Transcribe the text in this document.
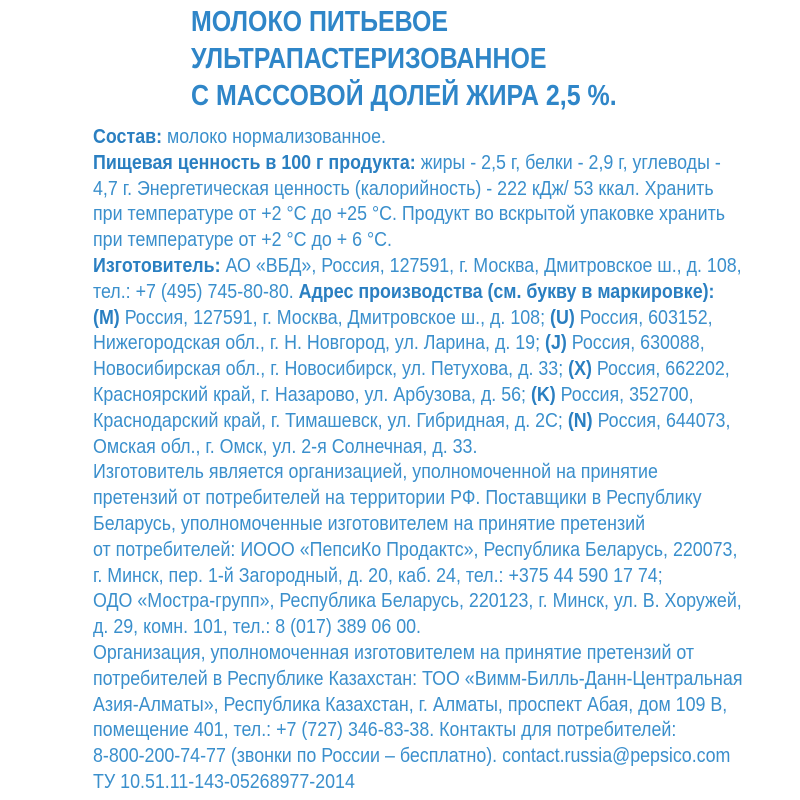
МОЛОКО ПИТЬЕВОЕ
УЛЬТРАПАСТЕРИЗОВАННОЕ
С МАССОВОЙ ДОЛЕЙ ЖИРА 2,5 %.
Состав: молоко нормализованное.
Пищевая ценность в 100 г продукта: жиры - 2,5 г, белки - 2,9 г, углеводы -
4,7 г. Энергетическая ценность (калорийность) - 222 кДж/ 53 ккал. Хранить
при температуре от +2 °С до +25 °С. Продукт во вскрытой упаковке хранить
при температуре от +2 °С до + 6 °С.
Изготовитель: АО «ВБД», Россия, 127591, г. Москва, Дмитровское ш., д. 108,
тел.: +7 (495) 745-80-80. Адрес производства (см. букву в маркировке):
(М) Россия, 127591, г. Москва, Дмитровское ш., д. 108; (U) Россия, 603152,
Нижегородская обл., г. Н. Новгород, ул. Ларина, д. 19; (J) Россия, 630088,
Новосибирская обл., г. Новосибирск, ул. Петухова, д. 33; (X) Россия, 662202,
Красноярский край, г. Назарово, ул. Арбузова, д. 56; (K) Россия, 352700,
Краснодарский край, г. Тимашевск, ул. Гибридная, д. 2С; (N) Россия, 644073,
Омская обл., г. Омск, ул. 2-я Солнечная, д. 33.
Изготовитель является организацией, уполномоченной на принятие
претензий от потребителей на территории РФ. Поставщики в Республику
Беларусь, уполномоченные изготовителем на принятие претензий
от потребителей: ИООО «ПепсиКо Продактс», Республика Беларусь, 220073,
г. Минск, пер. 1-й Загородный, д. 20, каб. 24, тел.: +375 44 590 17 74;
ОДО «Мостра-групп», Республика Беларусь, 220123, г. Минск, ул. В. Хоружей,
д. 29, комн. 101, тел.: 8 (017) 389 06 00.
Организация, уполномоченная изготовителем на принятие претензий от
потребителей в Республике Казахстан: ТОО «Вимм-Билль-Данн-Центральная
Азия-Алматы», Республика Казахстан, г. Алматы, проспект Абая, дом 109 В,
помещение 401, тел.: +7 (727) 346-83-38. Контакты для потребителей:
8-800-200-74-77 (звонки по России – бесплатно). contact.russia@pepsico.com
ТУ 10.51.11-143-05268977-2014
